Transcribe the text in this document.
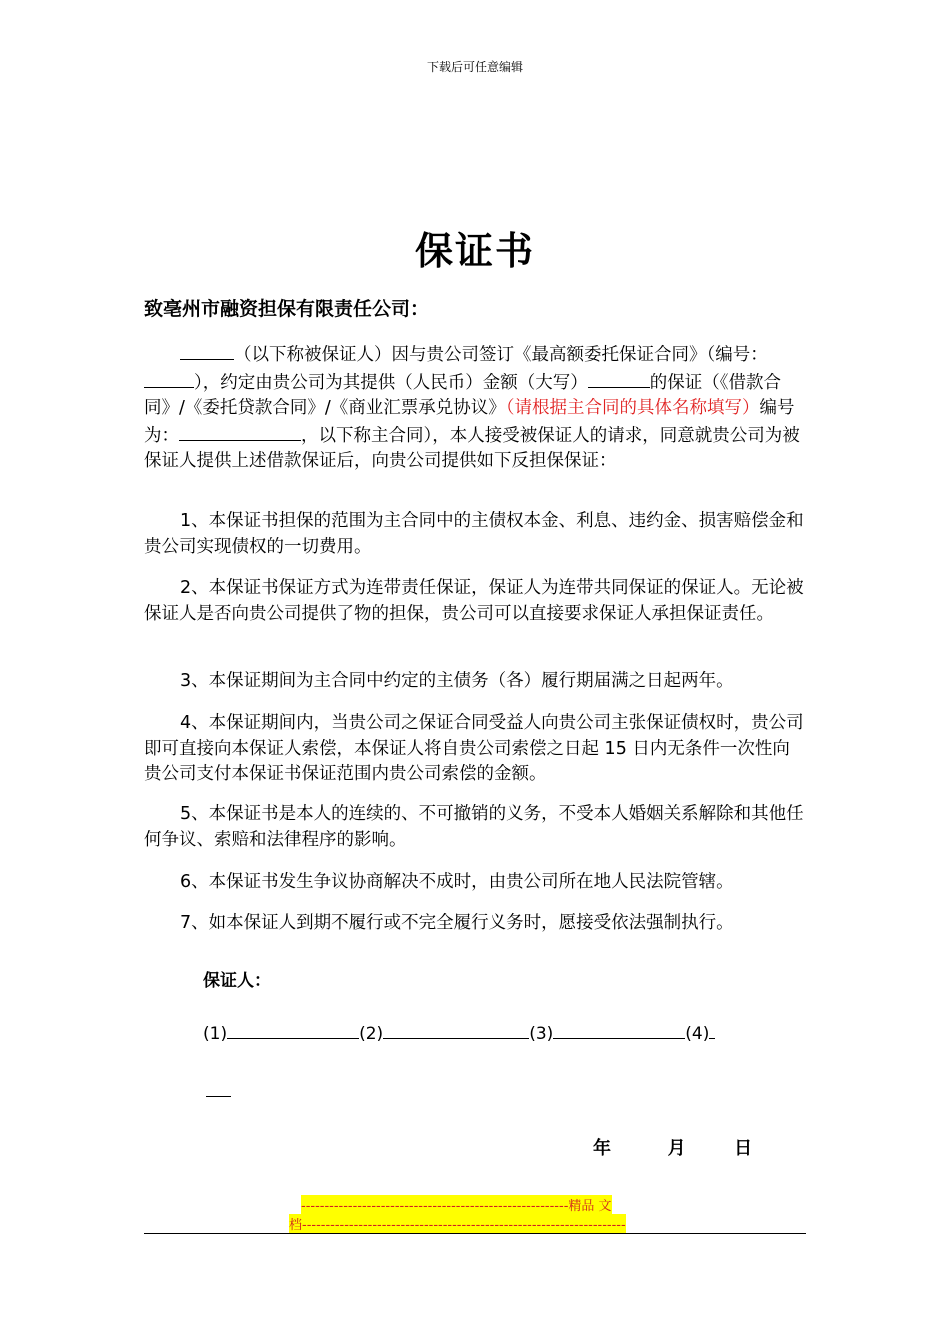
下载后可任意编辑
保证书
致亳州市融资担保有限责任公司：

（以下称被保证人）因与贵公司签订《最高额委托保证合同》（编号：），约定由贵公司为其提供（人民币）金额（大写）	的保证（《借款合同》/《委托贷款合同》/《商业汇票承兑协议》（请根据主合同的具体名称填写）编号为：	，以下称主合同），本人接受被保证人的请求，同意就贵公司为被保证人提供上述借款保证后，向贵公司提供如下反担保保证：

1、本保证书担保的范围为主合同中的主债权本金、利息、违约金、损害赔偿金和贵公司实现债权的一切费用。

2、本保证书保证方式为连带责任保证，保证人为连带共同保证的保证人。无论被保证人是否向贵公司提供了物的担保，贵公司可以直接要求保证人承担保证责任。

3、本保证期间为主合同中约定的主债务（各）履行期届满之日起两年。

4、本保证期间内，当贵公司之保证合同受益人向贵公司主张保证债权时，贵公司即可直接向本保证人索偿，本保证人将自贵公司索偿之日起 15 日内无条件一次性向贵公司支付本保证书保证范围内贵公司索偿的金额。

5、本保证书是本人的连续的、不可撤销的义务，不受本人婚姻关系解除和其他任何争议、索赔和法律程序的影响。

6、本保证书发生争议协商解决不成时，由贵公司所在地人民法院管辖。

7、如本保证人到期不履行或不完全履行义务时，愿接受依法强制执行。

保证人：
(1)	(2)	(3)	(4)
年	月	日
---------------------------------------------------------精品 文
档---------------------------------------------------------------------
